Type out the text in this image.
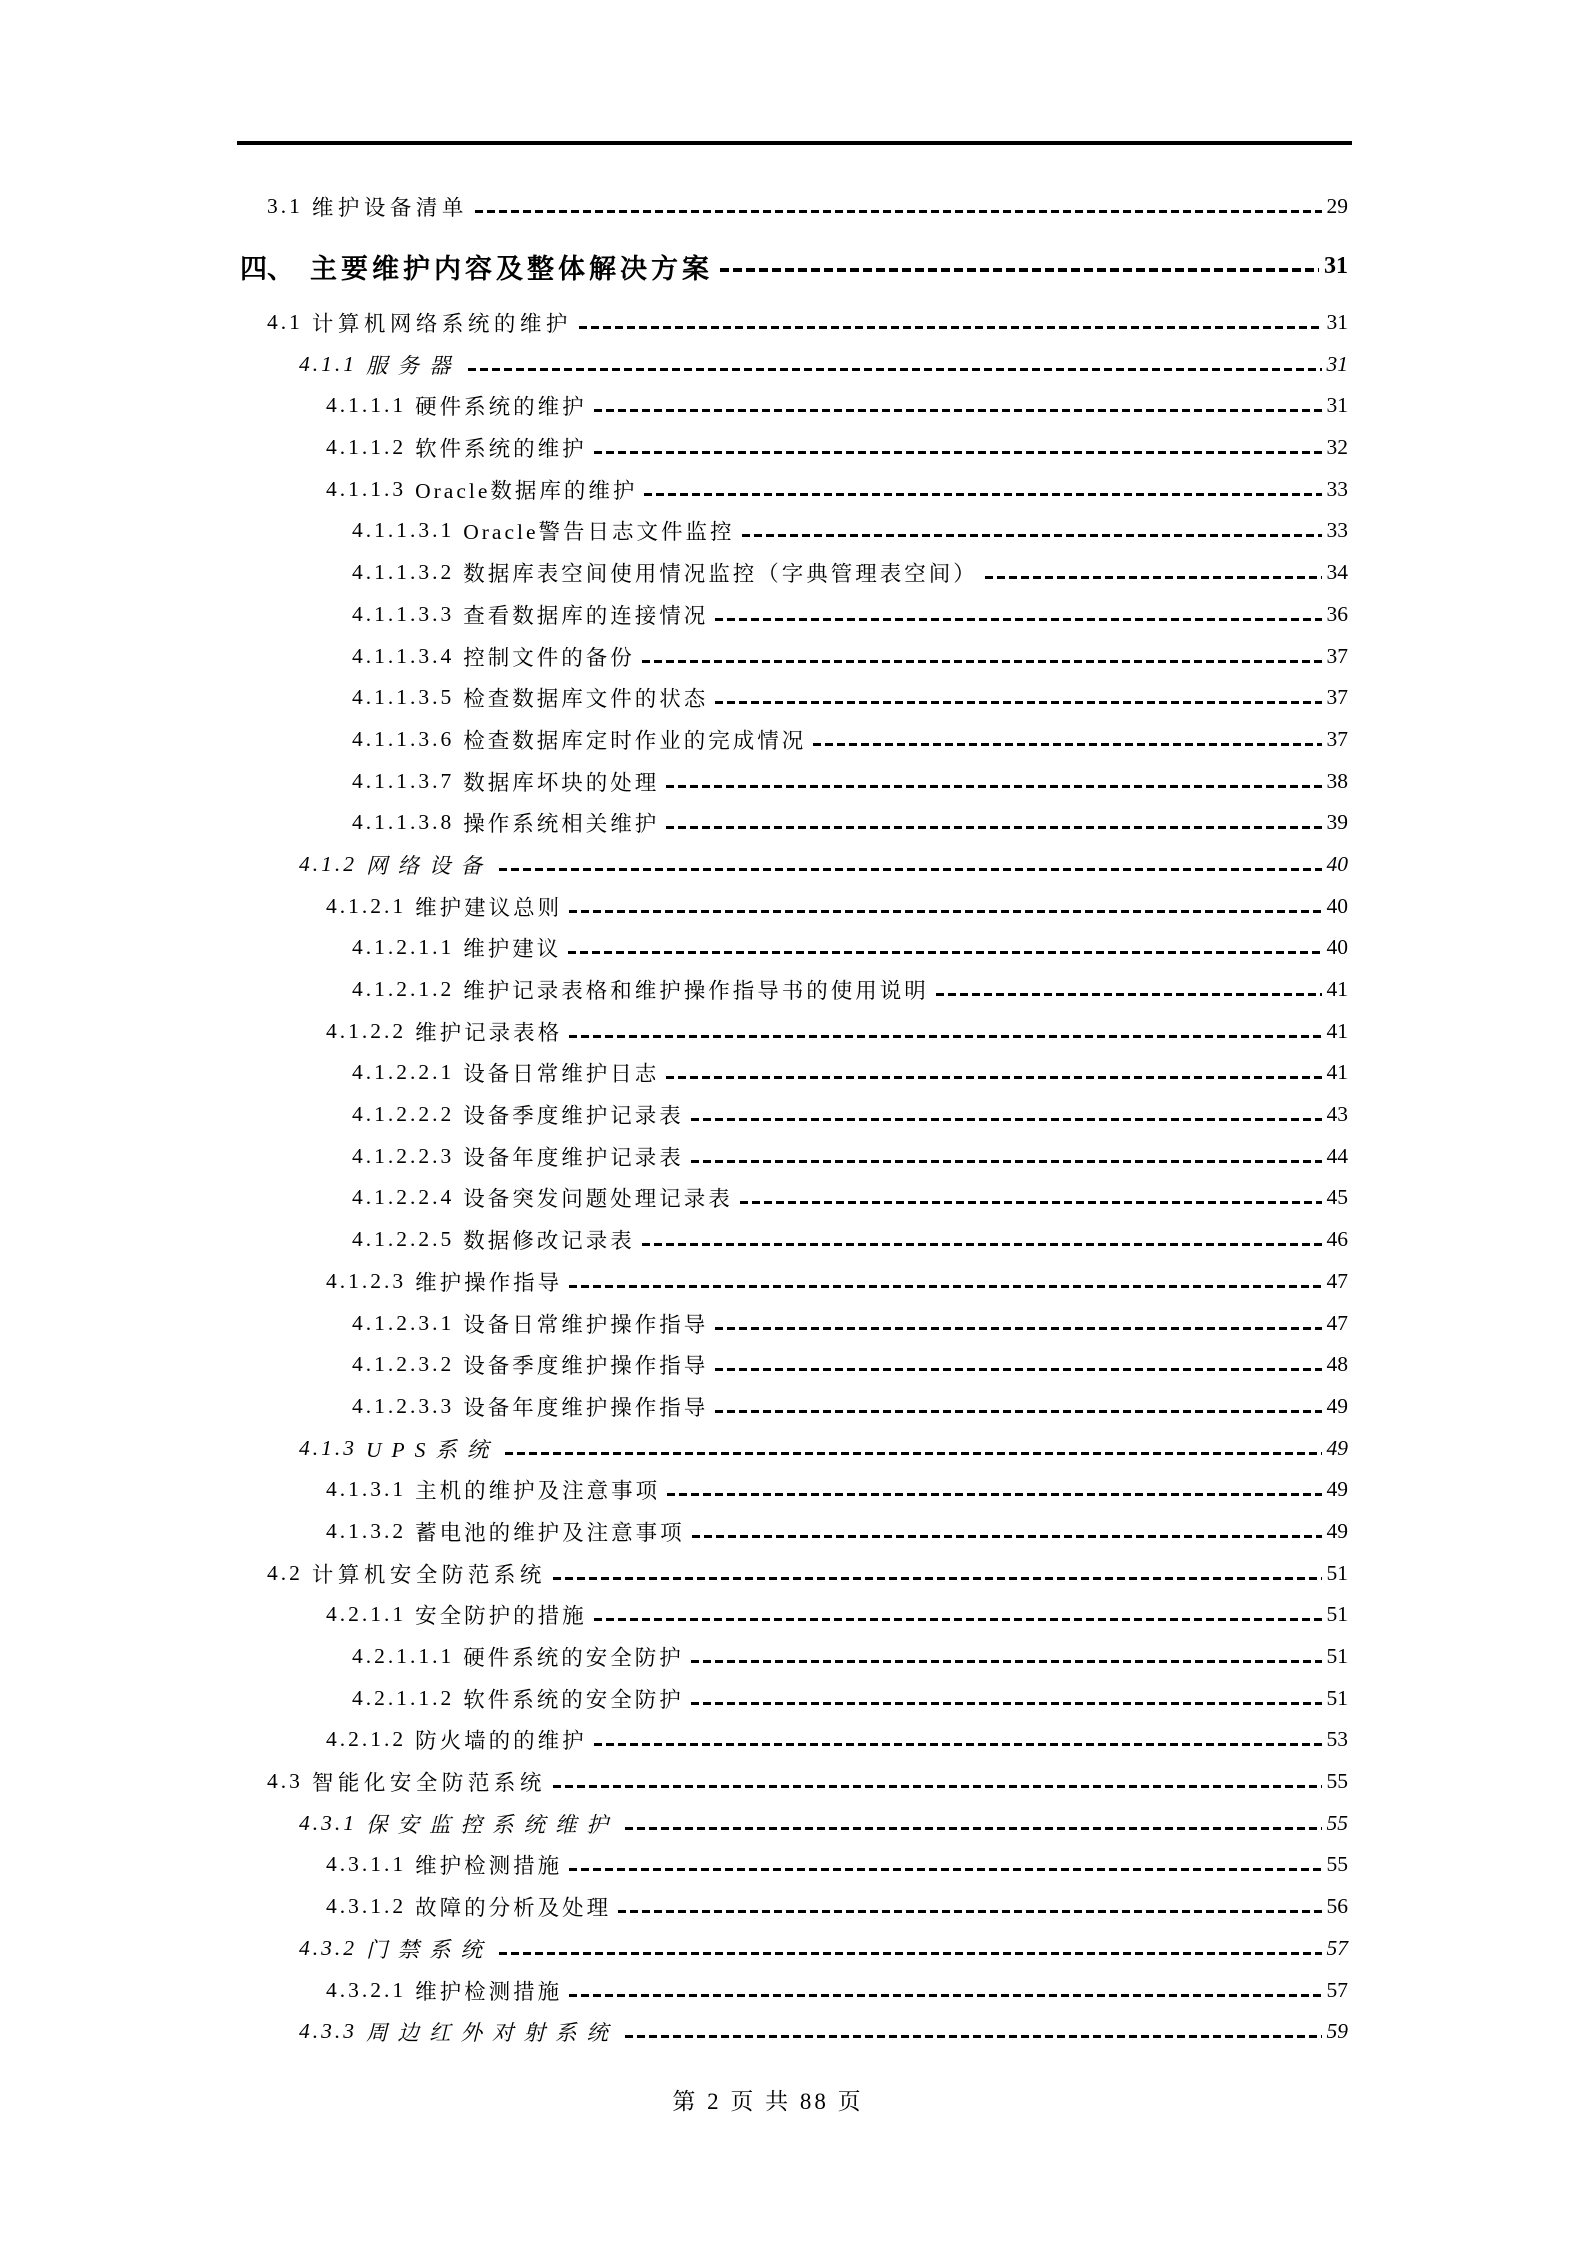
3.1 维护设备清单	29
四、 主要维护内容及整体解决方案	31
4.1 计算机网络系统的维护	31
4.1.1 服务器	31
4.1.1.1 硬件系统的维护	31
4.1.1.2 软件系统的维护	32
4.1.1.3 Oracle数据库的维护	33
4.1.1.3.1 Oracle警告日志文件监控	33
4.1.1.3.2 数据库表空间使用情况监控（字典管理表空间）	34
4.1.1.3.3 查看数据库的连接情况	36
4.1.1.3.4 控制文件的备份	37
4.1.1.3.5 检查数据库文件的状态	37
4.1.1.3.6 检查数据库定时作业的完成情况	37
4.1.1.3.7 数据库坏块的处理	38
4.1.1.3.8 操作系统相关维护	39
4.1.2 网络设备	40
4.1.2.1 维护建议总则	40
4.1.2.1.1 维护建议	40
4.1.2.1.2 维护记录表格和维护操作指导书的使用说明	41
4.1.2.2 维护记录表格	41
4.1.2.2.1 设备日常维护日志	41
4.1.2.2.2 设备季度维护记录表	43
4.1.2.2.3 设备年度维护记录表	44
4.1.2.2.4 设备突发问题处理记录表	45
4.1.2.2.5 数据修改记录表	46
4.1.2.3 维护操作指导	47
4.1.2.3.1 设备日常维护操作指导	47
4.1.2.3.2 设备季度维护操作指导	48
4.1.2.3.3 设备年度维护操作指导	49
4.1.3 UPS系统	49
4.1.3.1 主机的维护及注意事项	49
4.1.3.2 蓄电池的维护及注意事项	49
4.2 计算机安全防范系统	51
4.2.1.1 安全防护的措施	51
4.2.1.1.1 硬件系统的安全防护	51
4.2.1.1.2 软件系统的安全防护	51
4.2.1.2 防火墙的的维护	53
4.3 智能化安全防范系统	55
4.3.1 保安监控系统维护	55
4.3.1.1 维护检测措施	55
4.3.1.2 故障的分析及处理	56
4.3.2 门禁系统	57
4.3.2.1 维护检测措施	57
4.3.3 周边红外对射系统	59
第 2 页 共 88 页
